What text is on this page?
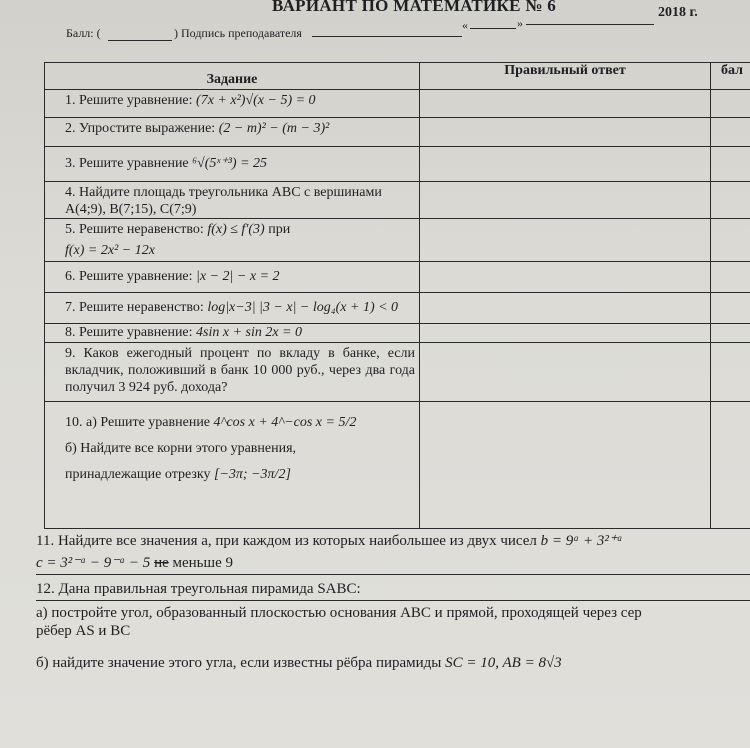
ВАРИАНТ ПО МАТЕМАТИКЕ № 6	2018 г.
Балл: (	) Подпись преподавателя
«	»
Задание
Правильный ответ	бал
1. Решите уравнение: (7x + x²)√(x − 5) = 0
2. Упростите выражение: (2 − m)² − (m − 3)²
3. Решите уравнение ⁶√(5ˣ⁺³) = 25
4. Найдите площадь треугольника ABC с вершинами
A(4;9), B(7;15), C(7;9)
5. Решите неравенство: f(x) ≤ f′(3) при
f(x) = 2x² − 12x
6. Решите уравнение: |x − 2| − x = 2
7. Решите неравенство: log|x−3| |3 − x| − log₄(x + 1) < 0
8. Решите уравнение: 4sin x + sin 2x = 0
9. Каков ежегодный процент по вкладу в банке, если вкладчик, положивший в банк 10 000 руб., через два года получил 3 924 руб. дохода?
10. а) Решите уравнение 4^cos x + 4^−cos x = 5/2
б) Найдите все корни этого уравнения,
принадлежащие отрезку [−3π; −3π/2]
11. Найдите все значения a, при каждом из которых наибольшее из двух чисел b = 9ᵃ + 3²⁺ᵃ
c = 3²⁻ᵃ − 9⁻ᵃ − 5 не меньше 9
12. Дана правильная треугольная пирамида SABC:
а) постройте угол, образованный плоскостью основания ABC и прямой, проходящей через сер
рёбер AS и BC
б) найдите значение этого угла, если известны рёбра пирамиды SC = 10, AB = 8√3
